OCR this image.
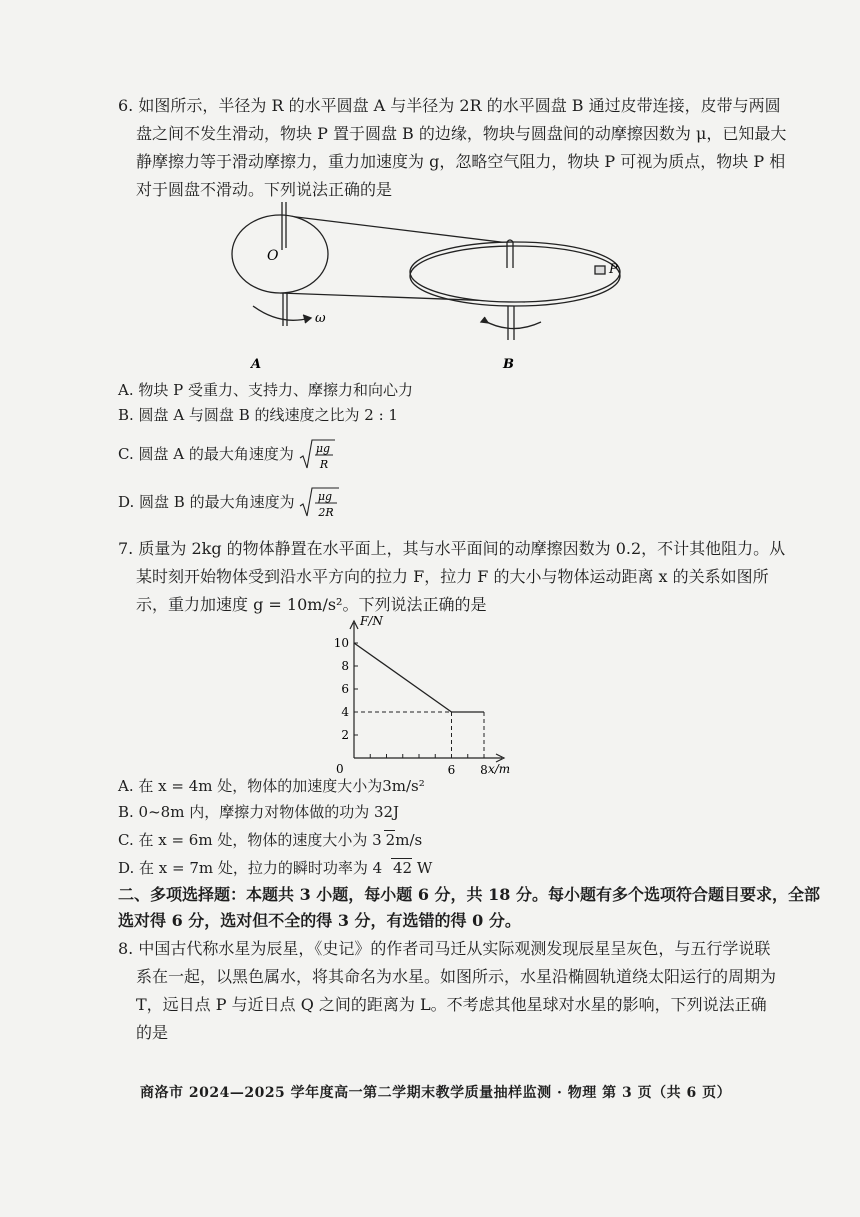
6. 如图所示，半径为 R 的水平圆盘 A 与半径为 2R 的水平圆盘 B 通过皮带连接，皮带与两圆
盘之间不发生滑动，物块 P 置于圆盘 B 的边缘，物块与圆盘间的动摩擦因数为 μ，已知最大
静摩擦力等于滑动摩擦力，重力加速度为 g，忽略空气阻力，物块 P 可视为质点，物块 P 相
对于圆盘不滑动。下列说法正确的是
O
P
ω
A	B
A. 物块 P 受重力、支持力、摩擦力和向心力
B. 圆盘 A 与圆盘 B 的线速度之比为 2 : 1
C. 圆盘 A 的最大角速度为 μg
R
D. 圆盘 B 的最大角速度为 μg
2R
7. 质量为 2kg 的物体静置在水平面上，其与水平面间的动摩擦因数为 0.2，不计其他阻力。从
某时刻开始物体受到沿水平方向的拉力 F，拉力 F 的大小与物体运动距离 x 的关系如图所
示，重力加速度 g = 10m/s²。下列说法正确的是
2
4
6
8
10
6 8
F/N
x/m
0
A. 在 x = 4m 处，物体的加速度大小为3m/s²
B. 0~8m 内，摩擦力对物体做的功为 32J
C. 在 x = 6m 处，物体的速度大小为 3 2m/s
D. 在 x = 7m 处，拉力的瞬时功率为 4 42 W
二、多项选择题：本题共 3 小题，每小题 6 分，共 18 分。每小题有多个选项符合题目要求，全部
选对得 6 分，选对但不全的得 3 分，有选错的得 0 分。
8. 中国古代称水星为辰星，《史记》的作者司马迁从实际观测发现辰星呈灰色，与五行学说联
系在一起，以黑色属水，将其命名为水星。如图所示，水星沿椭圆轨道绕太阳运行的周期为
T，远日点 P 与近日点 Q 之间的距离为 L。不考虑其他星球对水星的影响，下列说法正确
的是
商洛市 2024—2025 学年度高一第二学期末教学质量抽样监测 · 物理 第 3 页（共 6 页）
